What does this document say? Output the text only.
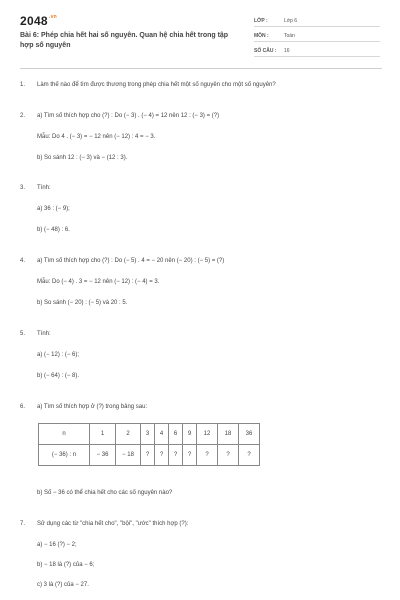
$2048^{.vn}$
Bài 6: Phép chia hết hai số nguyên. Quan hệ chia hết trong tập hợp số nguyên
LỚP :	Lớp 6
MÔN :	Toán
SỐ CÂU : 16
1. Làm thế nào để tìm được thương trong phép chia hết một số nguyên cho một số nguyên?
2. a) Tìm số thích hợp cho (?) : Do (− 3) . (− 4) = 12 nên 12 : (− 3) = (?)
Mẫu: Do 4 . (− 3) = − 12 nên (− 12) : 4 = − 3.
b) So sánh 12 : (− 3) và − (12 : 3).
3. Tính:
a) 36 : (− 9);
b) (− 48) : 6.
4. a) Tìm số thích hợp cho (?) : Do (− 5) . 4 = − 20 nên (− 20) : (− 5) = (?)
Mẫu: Do (− 4) . 3 = − 12 nên (− 12) : (− 4) = 3.
b) So sánh (− 20) : (− 5) và 20 : 5.
5. Tính:
a) (− 12) : (− 6);
b) (− 64) : (− 8).
6. a) Tìm số thích hợp ở (?) trong bảng sau:
b) Số − 36 có thể chia hết cho các số nguyên nào?
n	1	2	3	4	6	9	12	18	36
(− 36) : n	− 36	− 18	?	?	?	?	?	?	?
7. Sử dụng các từ "chia hết cho", "bội", "ước" thích hợp (?):
a) − 16 (?) − 2;
b) − 18 là (?) của − 6;
c) 3 là (?) của − 27.
